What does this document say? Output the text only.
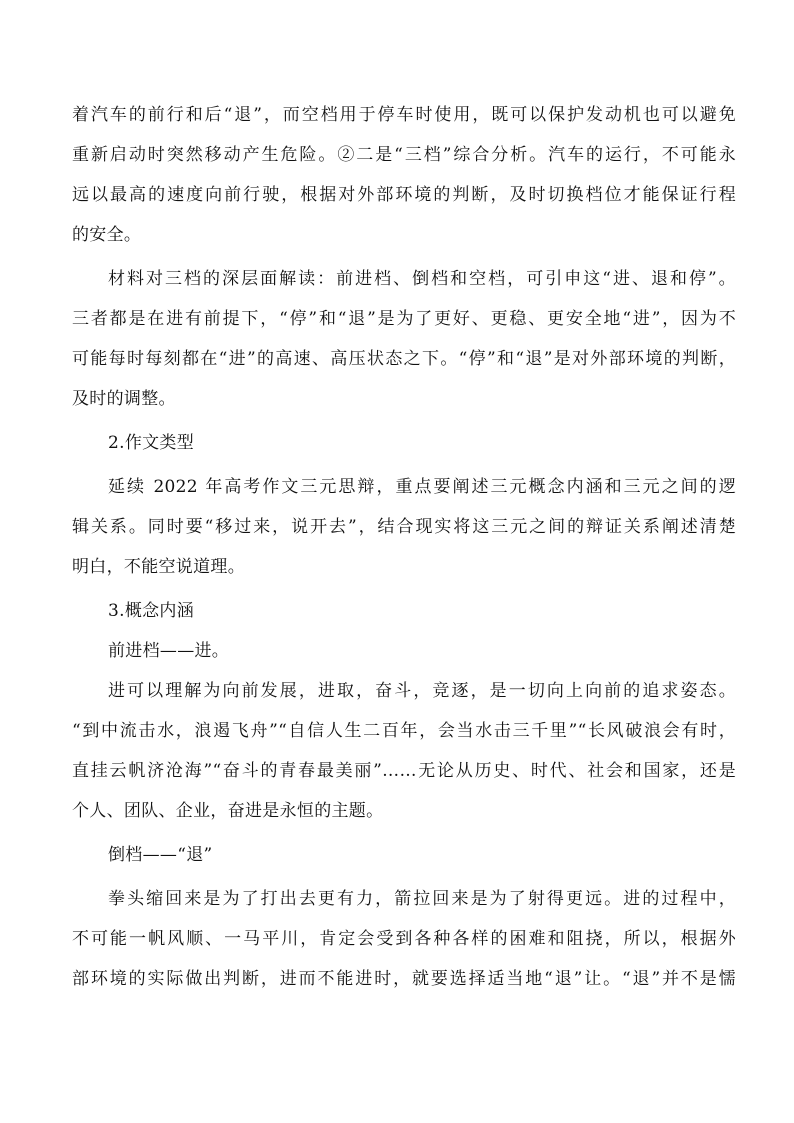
着汽车的前行和后“退”，而空档用于停车时使用，既可以保护发动机也可以避免
重新启动时突然移动产生危险。②二是“三档”综合分析。汽车的运行，不可能永
远以最高的速度向前行驶，根据对外部环境的判断，及时切换档位才能保证行程
的安全。
材料对三档的深层面解读：前进档、倒档和空档，可引申这“进、退和停”。
三者都是在进有前提下，“停”和“退”是为了更好、更稳、更安全地“进”，因为不
可能每时每刻都在“进”的高速、高压状态之下。“停”和“退”是对外部环境的判断，
及时的调整。
2.作文类型
延续 2022 年高考作文三元思辩，重点要阐述三元概念内涵和三元之间的逻
辑关系。同时要“移过来，说开去”，结合现实将这三元之间的辩证关系阐述清楚
明白，不能空说道理。
3.概念内涵
前进档——进。
进可以理解为向前发展，进取，奋斗，竞逐，是一切向上向前的追求姿态。
“到中流击水，浪遏飞舟”“自信人生二百年，会当水击三千里”“长风破浪会有时，
直挂云帆济沧海”“奋斗的青春最美丽”……无论从历史、时代、社会和国家，还是
个人、团队、企业，奋进是永恒的主题。
倒档——“退”
拳头缩回来是为了打出去更有力，箭拉回来是为了射得更远。进的过程中，
不可能一帆风顺、一马平川，肯定会受到各种各样的困难和阻挠，所以，根据外
部环境的实际做出判断，进而不能进时，就要选择适当地“退”让。“退”并不是懦
